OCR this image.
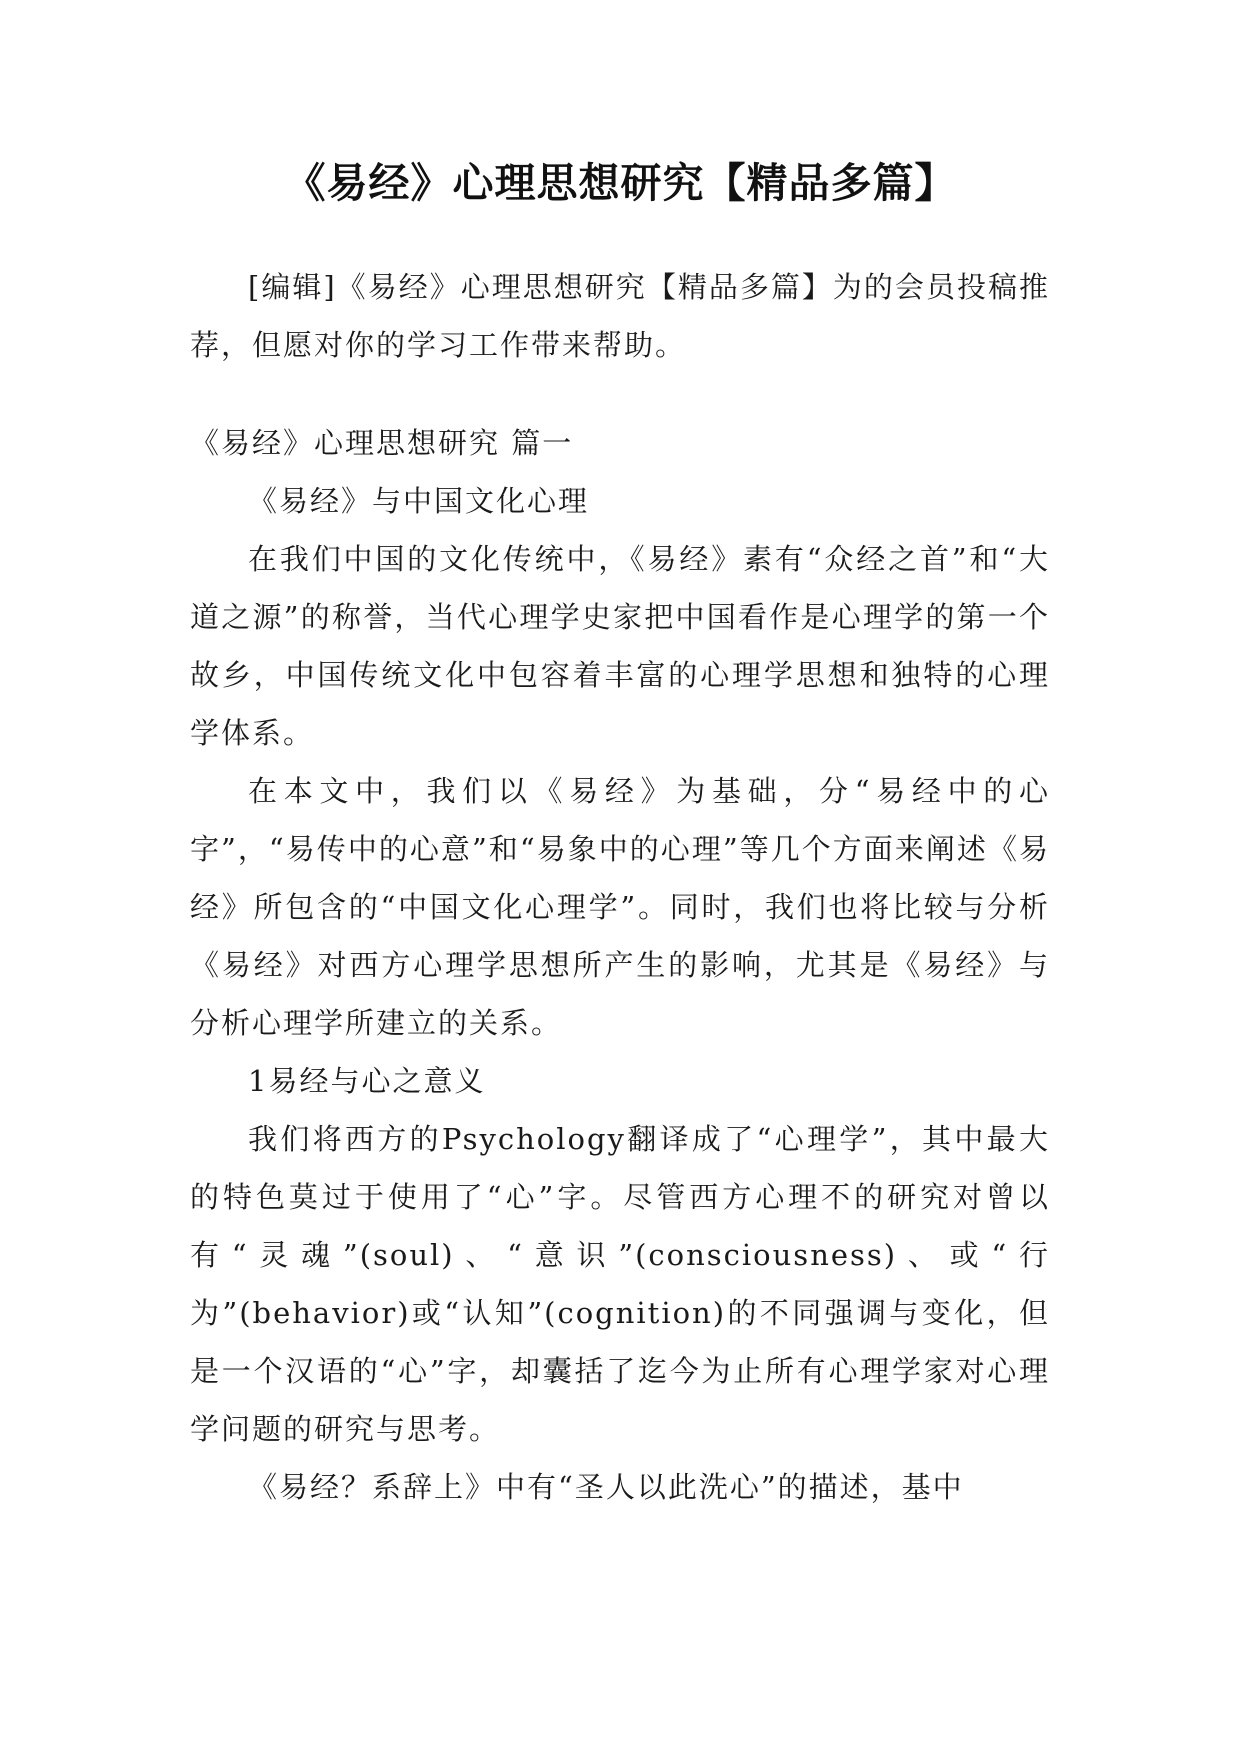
《易经》心理思想研究【精品多篇】

[编辑]《易经》心理思想研究【精品多篇】为的会员投稿推荐，但愿对你的学习工作带来帮助。

《易经》心理思想研究 篇一

《易经》与中国文化心理

在我们中国的文化传统中，《易经》素有“众经之首”和“大道之源”的称誉，当代心理学史家把中国看作是心理学的第一个故乡，中国传统文化中包容着丰富的心理学思想和独特的心理学体系。

在本文中，我们以《易经》为基础，分“易经中的心字”，“易传中的心意”和“易象中的心理”等几个方面来阐述《易经》所包含的“中国文化心理学”。同时，我们也将比较与分析《易经》对西方心理学思想所产生的影响，尤其是《易经》与分析心理学所建立的关系。

1易经与心之意义

我们将西方的Psychology翻译成了“心理学”，其中最大的特色莫过于使用了“心”字。尽管西方心理不的研究对曾以有“灵魂”(soul)、“意识”(consciousness)、或“行为”(behavior)或“认知”(cognition)的不同强调与变化，但是一个汉语的“心”字，却囊括了迄今为止所有心理学家对心理学问题的研究与思考。

《易经？系辞上》中有“圣人以此洗心”的描述，基中
